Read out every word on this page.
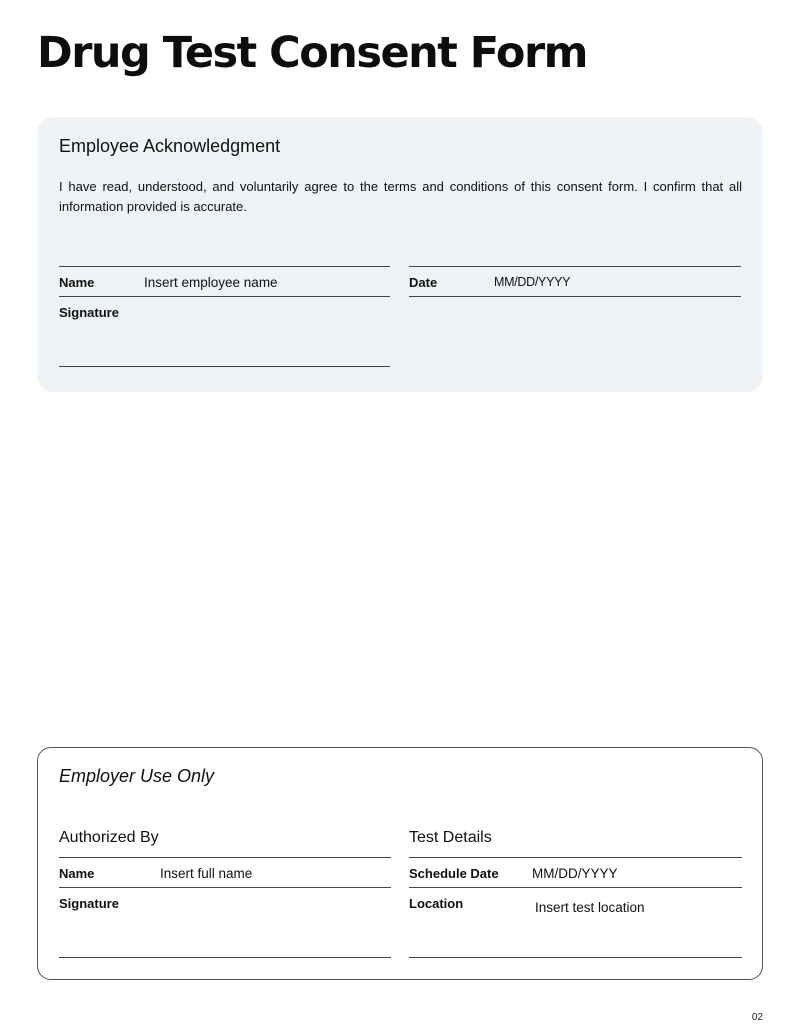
Drug Test Consent Form
Employee Acknowledgment

I have read, understood, and voluntarily agree to the terms and conditions of this consent form. I confirm that all information provided is accurate.

Name	Insert employee name	Date	MM/DD/YYYY
Signature
Employer Use Only
Authorized By
Name	Insert full name
Signature
Test Details
Schedule Date MM/DD/YYYY
Location	Insert test location
02
